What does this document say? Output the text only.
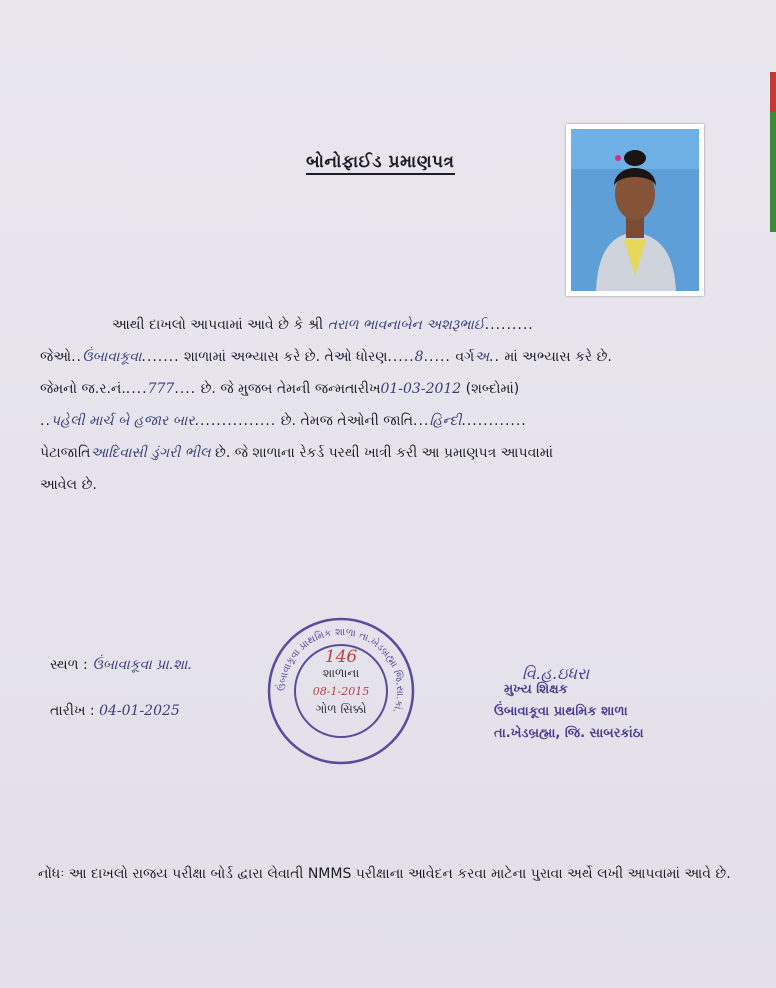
બોનોફાઈડ પ્રમાણપત્ર
આથી દાખલો આપવામાં આવે છે કે શ્રી તરાળ ભાવનાબેન અશરૂભાઈ.........
જેઓ..ઉંબાવાકૂવા....... શાળામાં અભ્યાસ કરે છે. તેઓ ધોરણ.....8..... વર્ગઅ.. માં અભ્યાસ કરે છે.
જેમનો જ.ર.નં.....777.... છે. જે મુજબ તેમની જન્મતારીખ01-03-2012 (શબ્દોમાં)
..પહેલી માર્ચ બે હજાર બાર............... છે. તેમજ તેઓની જાતિ...હિન્દી............
પેટાજાતિઆદિવાસી ડુંગરી ભીલ છે. જે શાળાના રેકર્ડ પરથી ખાત્રી કરી આ પ્રમાણપત્ર આપવામાં
આવેલ છે.
સ્થળ : ઉંબાવાકૂવા પ્રા.શા.
તારીખ : 04-01-2025
ઉંબાવાકૂવા પ્રાથમિક શાળા તા.ખેડબ્રહ્મા જિ.સા.કાં.
146
શાળાના
08-1-2015
ગોળ સિક્કો
વિ.હ.ઇધરા
મુખ્ય શિક્ષક
ઉંબાવાકૂવા પ્રાથમિક શાળા
તા.ખેડબ્રહ્મા, જિ. સાબરકાંઠા
નોંધઃ આ દાખલો રાજય પરીક્ષા બોર્ડ દ્વારા લેવાતી NMMS પરીક્ષાના આવેદન કરવા માટેના પુરાવા અર્થે લખી આપવામાં આવે છે.
